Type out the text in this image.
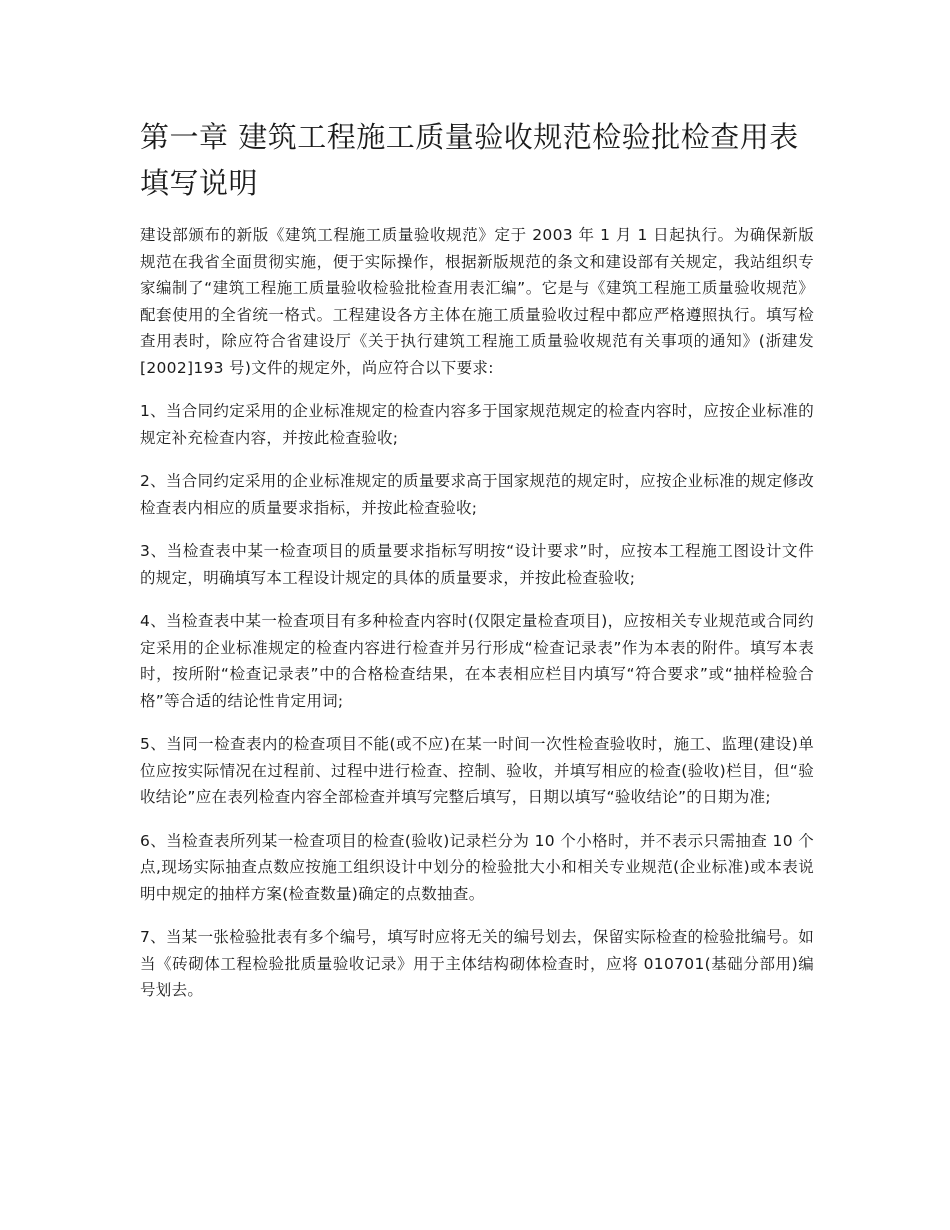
第一章 建筑工程施工质量验收规范检验批检查用表填写说明

建设部颁布的新版《建筑工程施工质量验收规范》定于 2003 年 1 月 1 日起执行。为确保新版规范在我省全面贯彻实施，便于实际操作，根据新版规范的条文和建设部有关规定，我站组织专家编制了“建筑工程施工质量验收检验批检查用表汇编”。它是与《建筑工程施工质量验收规范》配套使用的全省统一格式。工程建设各方主体在施工质量验收过程中都应严格遵照执行。填写检查用表时，除应符合省建设厅《关于执行建筑工程施工质量验收规范有关事项的通知》(浙建发[2002]193 号)文件的规定外，尚应符合以下要求:

1、当合同约定采用的企业标准规定的检查内容多于国家规范规定的检查内容时，应按企业标准的规定补充检查内容，并按此检查验收;

2、当合同约定采用的企业标准规定的质量要求高于国家规范的规定时，应按企业标准的规定修改检查表内相应的质量要求指标，并按此检查验收;

3、当检查表中某一检查项目的质量要求指标写明按“设计要求”时，应按本工程施工图设计文件的规定，明确填写本工程设计规定的具体的质量要求，并按此检查验收;

4、当检查表中某一检查项目有多种检查内容时(仅限定量检查项目)，应按相关专业规范或合同约定采用的企业标准规定的检查内容进行检查并另行形成“检查记录表”作为本表的附件。填写本表时，按所附“检查记录表”中的合格检查结果，在本表相应栏目内填写“符合要求”或“抽样检验合格”等合适的结论性肯定用词;

5、当同一检查表内的检查项目不能(或不应)在某一时间一次性检查验收时，施工、监理(建设)单位应按实际情况在过程前、过程中进行检查、控制、验收，并填写相应的检查(验收)栏目，但“验收结论”应在表列检查内容全部检查并填写完整后填写，日期以填写“验收结论”的日期为准;

6、当检查表所列某一检查项目的检查(验收)记录栏分为 10 个小格时，并不表示只需抽查 10 个点,现场实际抽查点数应按施工组织设计中划分的检验批大小和相关专业规范(企业标准)或本表说明中规定的抽样方案(检查数量)确定的点数抽查。

7、当某一张检验批表有多个编号，填写时应将无关的编号划去，保留实际检查的检验批编号。如当《砖砌体工程检验批质量验收记录》用于主体结构砌体检查时，应将 010701(基础分部用)编号划去。
